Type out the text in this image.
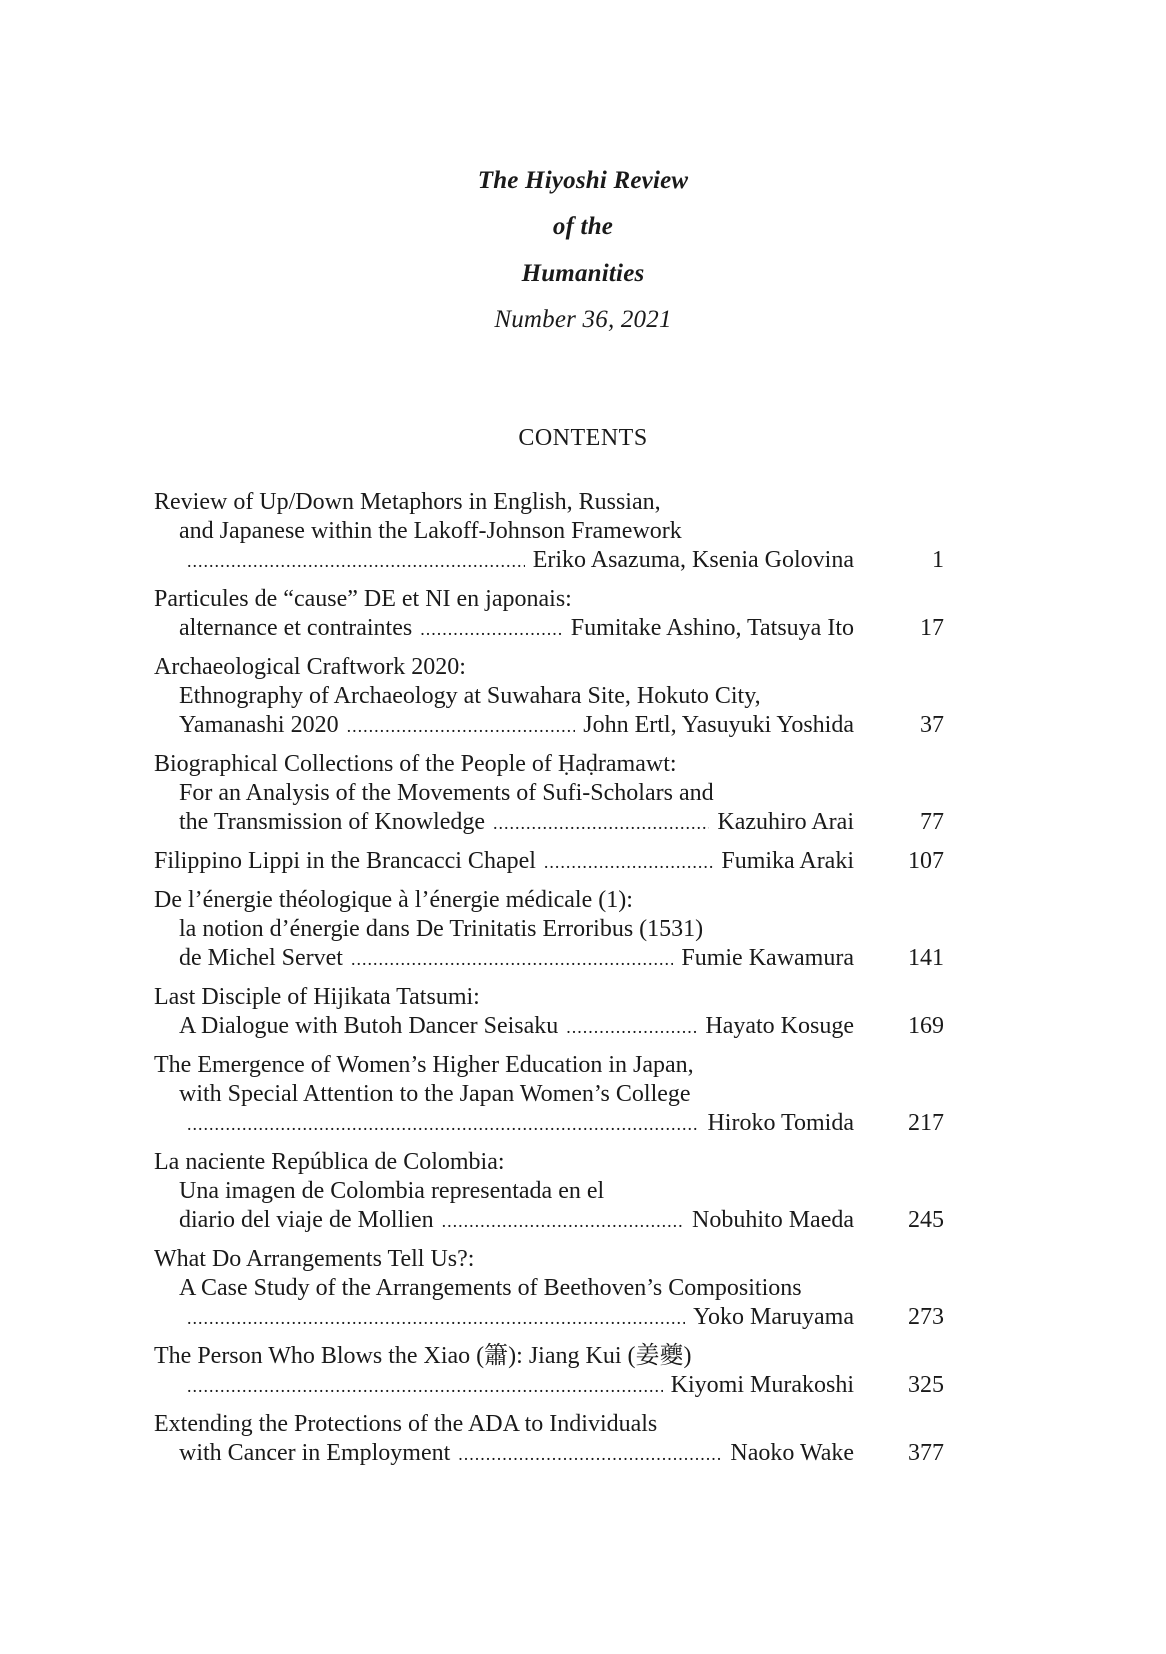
The Hiyoshi Review
of the
Humanities
Number 36, 2021
CONTENTS
Review of Up/Down Metaphors in English, Russian,
and Japanese within the Lakoff-Johnson Framework
.....
Eriko Asazuma, Ksenia Golovina	1
Particules de “cause” DE et NI en japonais:
alternance et contraintes .....	Fumitake Ashino, Tatsuya Ito	17
Archaeological Craftwork 2020:
Ethnography of Archaeology at Suwahara Site, Hokuto City,
Yamanashi 2020 .....	John Ertl, Yasuyuki Yoshida	37
Biographical Collections of the People of Ḥaḍramawt:
For an Analysis of the Movements of Sufi-Scholars and
the Transmission of Knowledge .....	Kazuhiro Arai	77
Filippino Lippi in the Brancacci Chapel .....	Fumika Araki 107
De l’énergie théologique à l’énergie médicale (1):
la notion d’énergie dans De Trinitatis Erroribus (1531)
de Michel Servet .....	Fumie Kawamura 141
Last Disciple of Hijikata Tatsumi:
A Dialogue with Butoh Dancer Seisaku .....	Hayato Kosuge 169
The Emergence of Women’s Higher Education in Japan,
with Special Attention to the Japan Women’s College
.....
Hiroko Tomida 217
La naciente República de Colombia:
Una imagen de Colombia representada en el
diario del viaje de Mollien .....	Nobuhito Maeda 245
What Do Arrangements Tell Us?:
A Case Study of the Arrangements of Beethoven’s Compositions
.....
Yoko Maruyama 273
The Person Who Blows the Xiao (簫): Jiang Kui (姜夔)
.....
Kiyomi Murakoshi 325
Extending the Protections of the ADA to Individuals
with Cancer in Employment .....	Naoko Wake 377
